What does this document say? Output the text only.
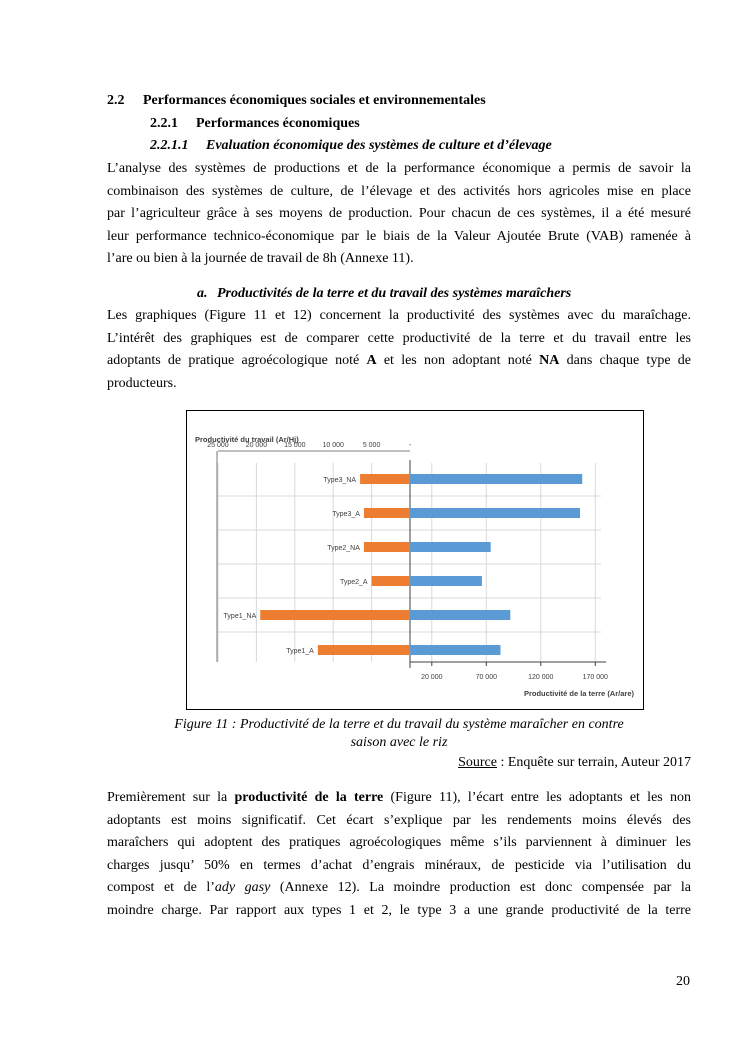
2.2 Performances économiques sociales et environnementales
2.2.1 Performances économiques
2.2.1.1 Evaluation économique des systèmes de culture et d’élevage
L’analyse des systèmes de productions et de la performance économique a permis de savoir la
combinaison des systèmes de culture, de l’élevage et des activités hors agricoles mise en place
par l’agriculteur grâce à ses moyens de production. Pour chacun de ces systèmes, il a été mesuré
leur performance technico-économique par le biais de la Valeur Ajoutée Brute (VAB) ramenée à
l’are ou bien à la journée de travail de 8h (Annexe 11).
a. Productivités de la terre et du travail des systèmes maraîchers
Les graphiques (Figure 11 et 12) concernent la productivité des systèmes avec du maraîchage.
L’intérêt des graphiques est de comparer cette productivité de la terre et du travail entre les
adoptants de pratique agroécologique noté A et les non adoptant noté NA dans chaque type de
producteurs.
Productivité du travail (Ar/Hj)
25 000 20 000 15 000 10 000	5 000	-
20 000	70 000	120 000	170 000
Productivité de la terre (Ar/are)
Type3_NA
Type3_A
Type2_NA
Type2_A
Type1_NA
Type1_A
Figure 11 : Productivité de la terre et du travail du système maraîcher en contre
saison avec le riz
Source : Enquête sur terrain, Auteur 2017
Premièrement sur la productivité de la terre (Figure 11), l’écart entre les adoptants et les non
adoptants est moins significatif. Cet écart s’explique par les rendements moins élevés des
maraîchers qui adoptent des pratiques agroécologiques même s’ils parviennent à diminuer les
charges jusqu’ 50% en termes d’achat d’engrais minéraux, de pesticide via l’utilisation du
compost et de l’ady gasy (Annexe 12). La moindre production est donc compensée par la
moindre charge. Par rapport aux types 1 et 2, le type 3 a une grande productivité de la terre
20
